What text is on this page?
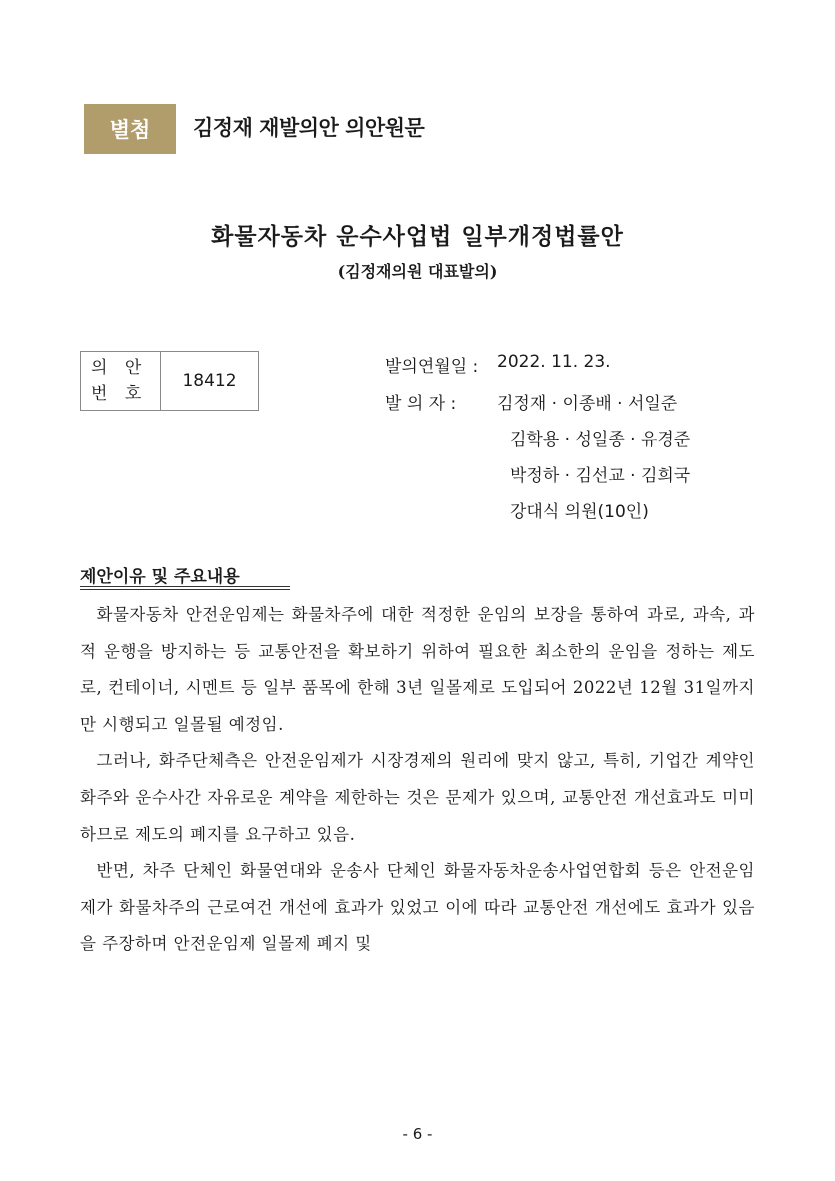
별첨	김정재 재발의안 의안원문
화물자동차 운수사업법 일부개정법률안
(김정재의원 대표발의)
의 안
번 호
18412
발의연월일 : 2022. 11. 23.
발 의 자 : 김정재 · 이종배 · 서일준
김학용 · 성일종 · 유경준
박정하 · 김선교 · 김희국
강대식 의원(10인)
제안이유 및 주요내용

화물자동차 안전운임제는 화물차주에 대한 적정한 운임의 보장을 통하여 과로, 과속, 과적 운행을 방지하는 등 교통안전을 확보하기 위하여 필요한 최소한의 운임을 정하는 제도로, 컨테이너, 시멘트 등 일부 품목에 한해 3년 일몰제로 도입되어 2022년 12월 31일까지만 시행되고 일몰될 예정임.

그러나, 화주단체측은 안전운임제가 시장경제의 원리에 맞지 않고, 특히, 기업간 계약인 화주와 운수사간 자유로운 계약을 제한하는 것은 문제가 있으며, 교통안전 개선효과도 미미하므로 제도의 폐지를 요구하고 있음.

반면, 차주 단체인 화물연대와 운송사 단체인 화물자동차운송사업연합회 등은 안전운임제가 화물차주의 근로여건 개선에 효과가 있었고 이에 따라 교통안전 개선에도 효과가 있음을 주장하며 안전운임제 일몰제 폐지 및

- 6 -
